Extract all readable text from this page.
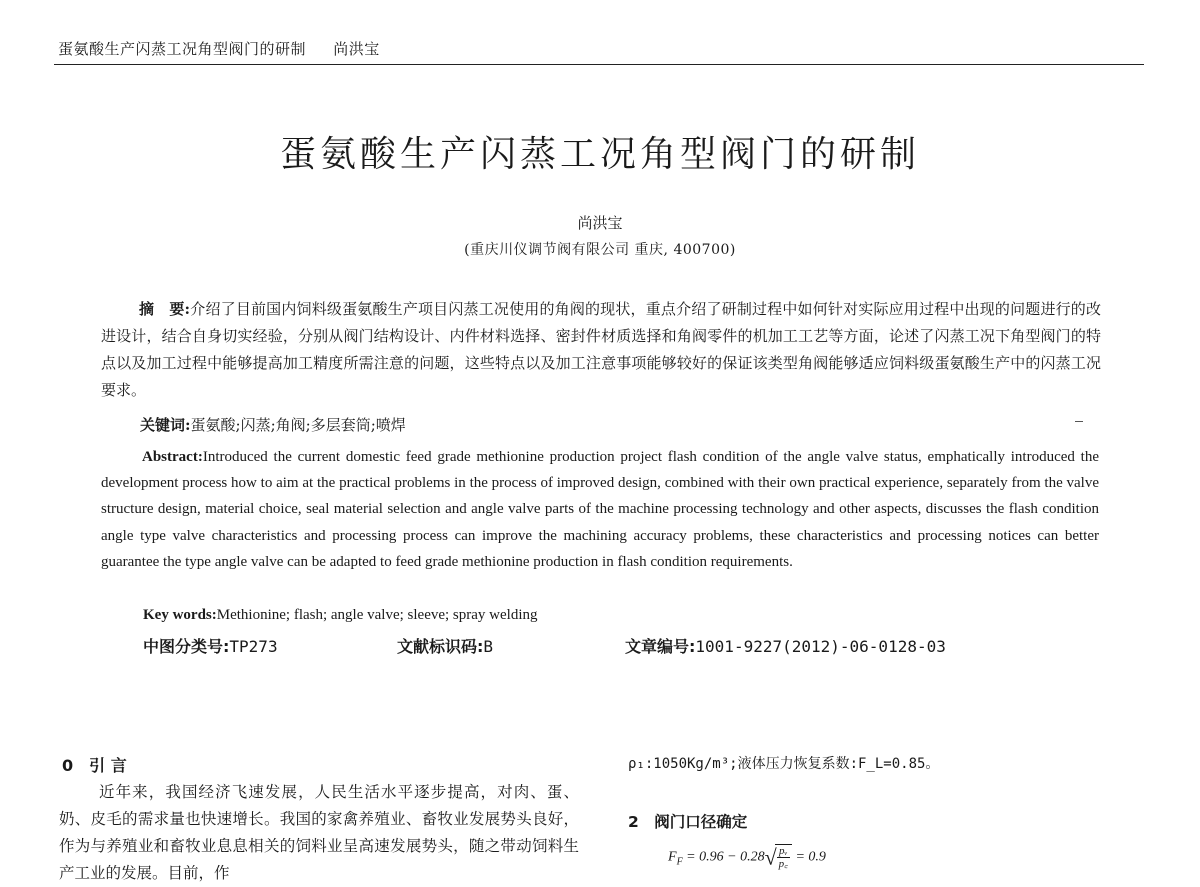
蛋氨酸生产闪蒸工况角型阀门的研制 尚洪宝
蛋氨酸生产闪蒸工况角型阀门的研制
尚洪宝
(重庆川仪调节阀有限公司 重庆, 400700)
摘　要:介绍了目前国内饲料级蛋氨酸生产项目闪蒸工况使用的角阀的现状，重点介绍了研制过程中如何针对实际应用过程中出现的问题进行的改进设计，结合自身切实经验，分别从阀门结构设计、内件材料选择、密封件材质选择和角阀零件的机加工工艺等方面，论述了闪蒸工况下角型阀门的特点以及加工过程中能够提高加工精度所需注意的问题，这些特点以及加工注意事项能够较好的保证该类型角阀能够适应饲料级蛋氨酸生产中的闪蒸工况要求。
关键词:蛋氨酸;闪蒸;角阀;多层套筒;喷焊
Abstract:Introduced the current domestic feed grade methionine production project flash condition of the angle valve status, emphatically introduced the development process how to aim at the practical problems in the process of improved design, combined with their own practical experience, separately from the valve structure design, material choice, seal material selection and angle valve parts of the machine processing technology and other aspects, discusses the flash condition angle type valve characteristics and processing process can improve the machining accuracy problems, these characteristics and processing notices can better guarantee the type angle valve can be adapted to feed grade methionine production in flash condition requirements.
Key words:Methionine; flash; angle valve; sleeve; spray welding
中图分类号:TP273	文献标识码:B	文章编号:1001-9227(2012)-06-0128-03
0　引 言
近年来，我国经济飞速发展，人民生活水平逐步提高，对肉、蛋、奶、皮毛的需求量也快速增长。我国的家禽养殖业、畜牧业发展势头良好，作为与养殖业和畜牧业息息相关的饲料业呈高速发展势头，随之带动饲料生产工业的发展。目前，作
ρ₁:1050Kg/m³;液体压力恢复系数:F_L=0.85。
2　阀门口径确定
$F_F = 0.96 - 0.28√ \frac{\text{pᵥ}}{p꜀} = 0.9$
